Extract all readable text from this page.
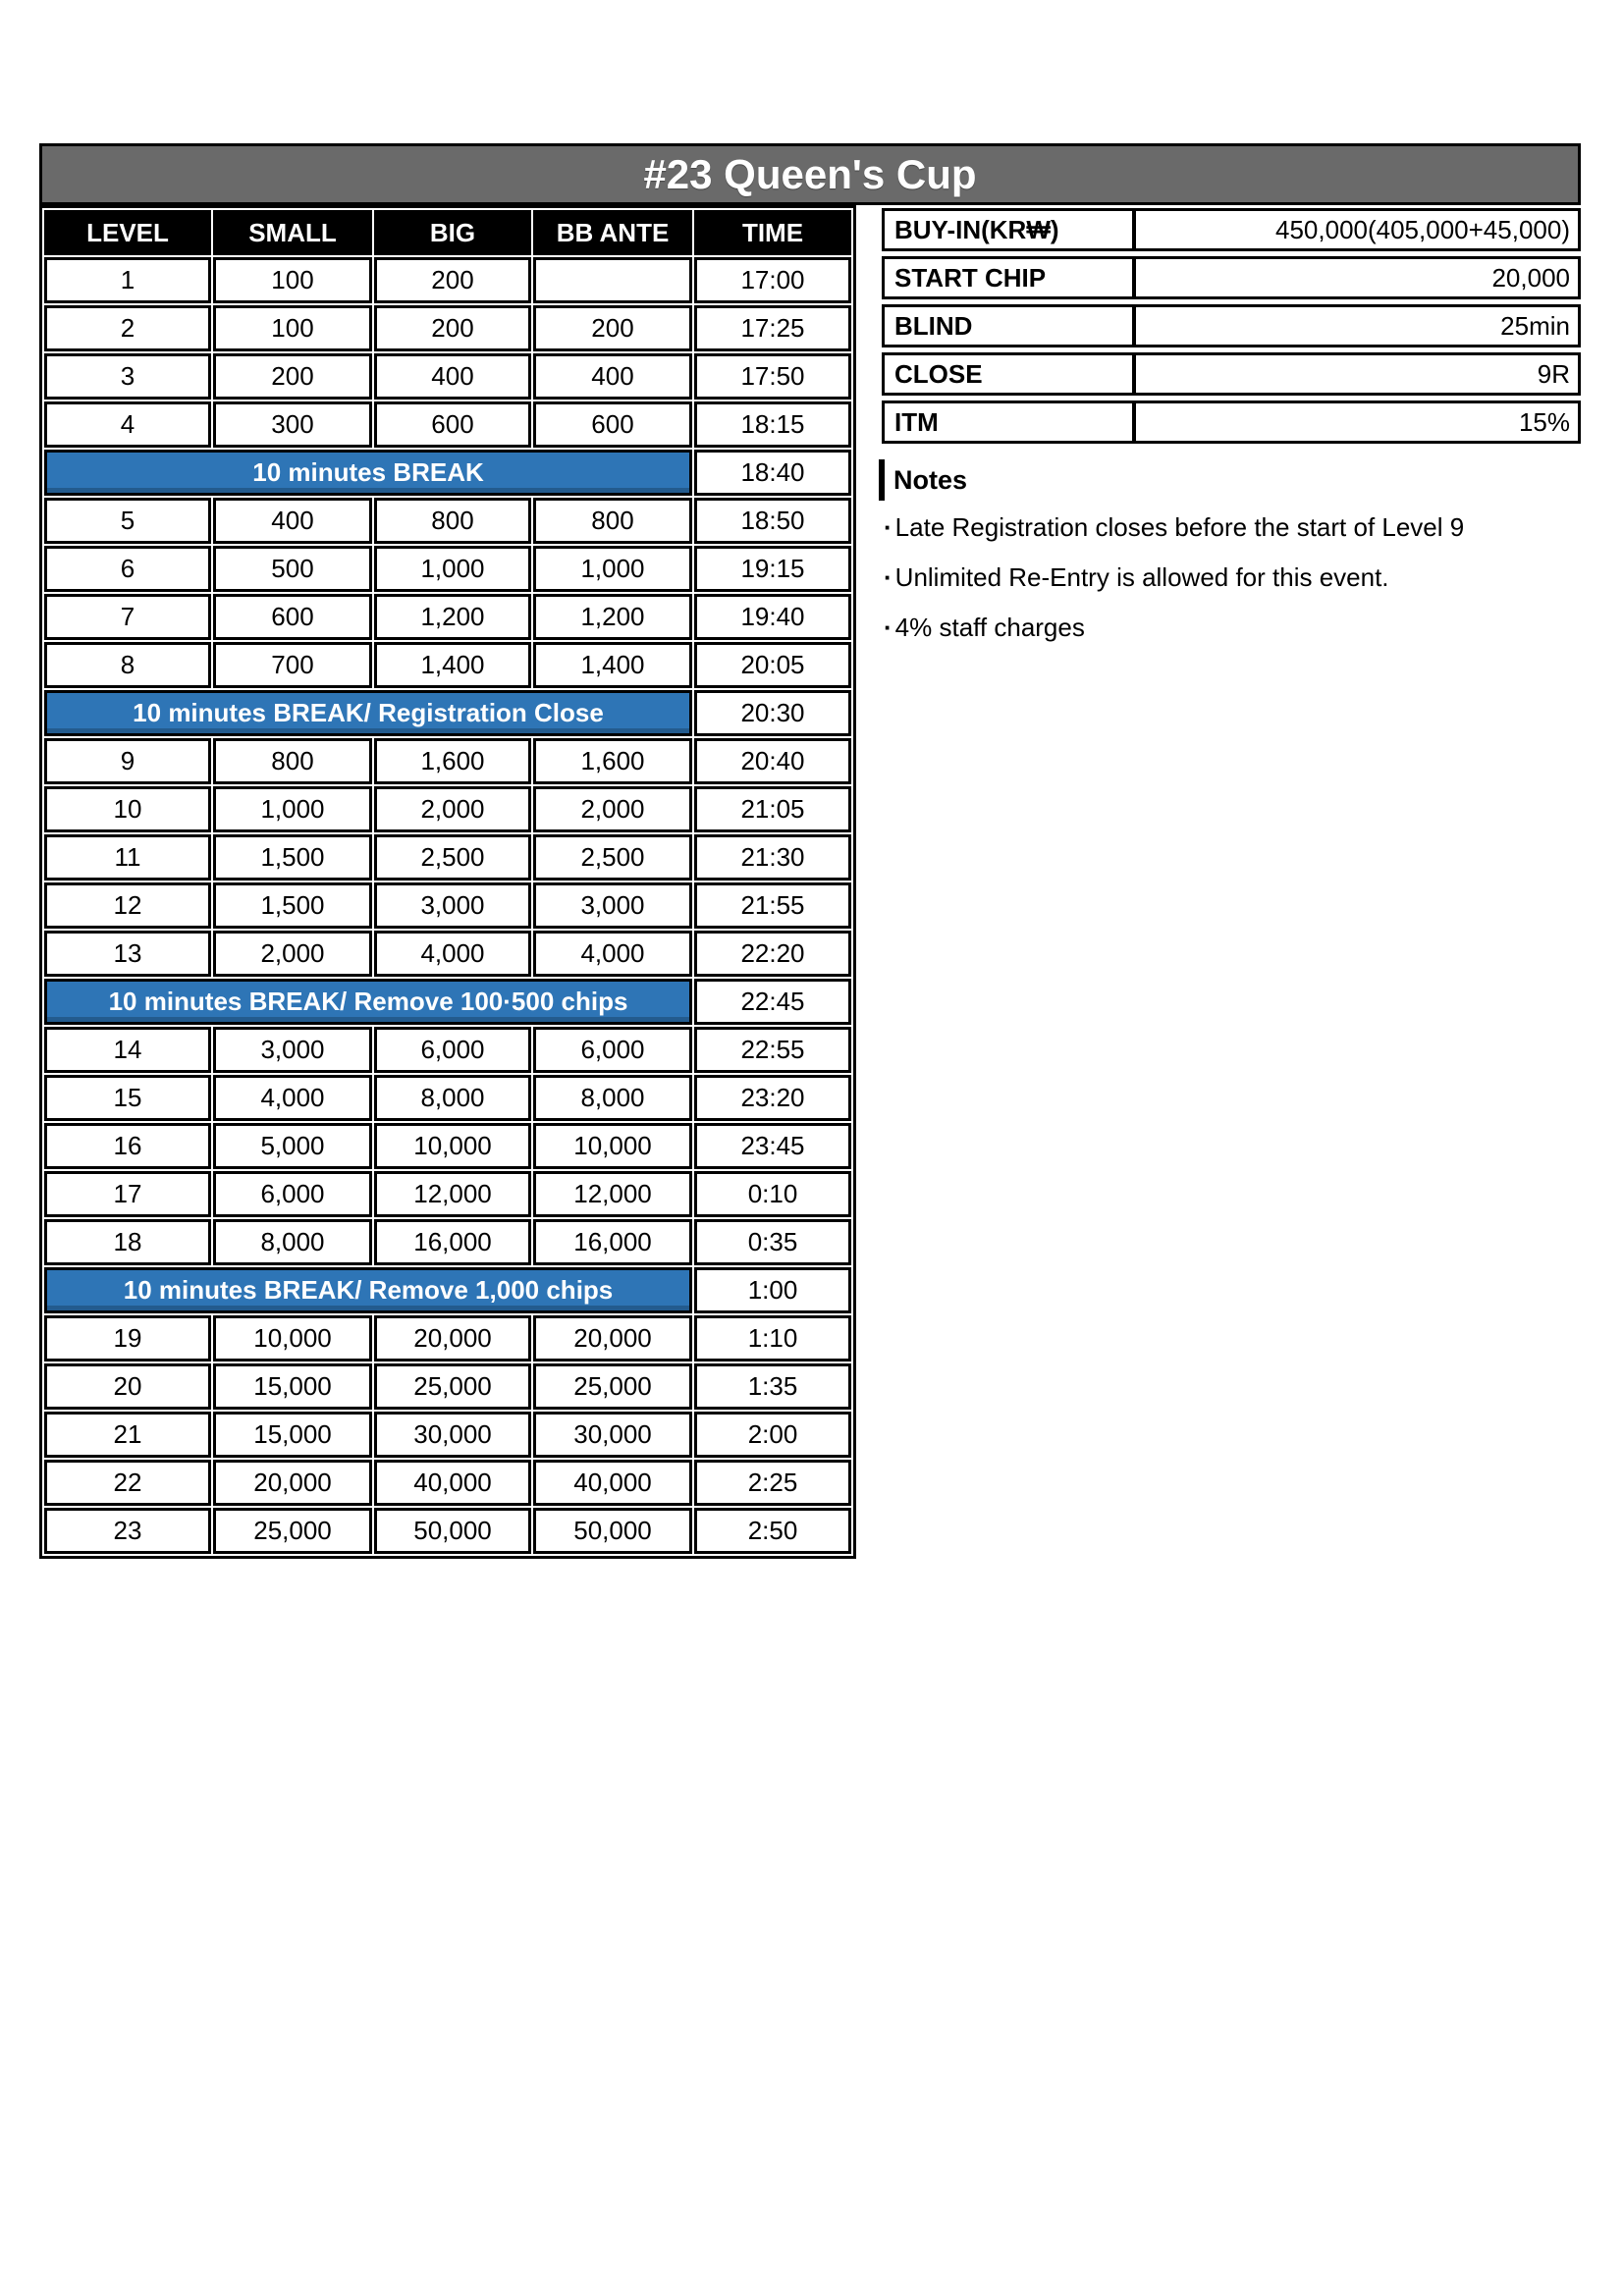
#23 Queen's Cup
LEVEL	SMALL	BIG	BB ANTE	TIME
1	100	200		17:00
2	100	200	200	17:25
3	200	400	400	17:50
4	300	600	600	18:15
10 minutes BREAK				18:40
5	400	800	800	18:50
6	500	1,000	1,000	19:15
7	600	1,200	1,200	19:40
8	700	1,400	1,400	20:05
10 minutes BREAK/ Registration Close				20:30
9	800	1,600	1,600	20:40
10	1,000	2,000	2,000	21:05
11	1,500	2,500	2,500	21:30
12	1,500	3,000	3,000	21:55
13	2,000	4,000	4,000	22:20
10 minutes BREAK/ Remove 100·500 chips				22:45
14	3,000	6,000	6,000	22:55
15	4,000	8,000	8,000	23:20
16	5,000	10,000	10,000	23:45
17	6,000	12,000	12,000	0:10
18	8,000	16,000	16,000	0:35
10 minutes BREAK/ Remove 1,000 chips				1:00
19	10,000	20,000	20,000	1:10
20	15,000	25,000	25,000	1:35
21	15,000	30,000	30,000	2:00
22	20,000	40,000	40,000	2:25
23	25,000	50,000	50,000	2:50
BUY-IN(KR₩)	450,000(405,000+45,000)
START CHIP	20,000
BLIND	25min
CLOSE	9R
ITM	15%
Notes
· Late Registration closes before the start of Level 9
· Unlimited Re-Entry is allowed for this event.
· 4% staff charges
